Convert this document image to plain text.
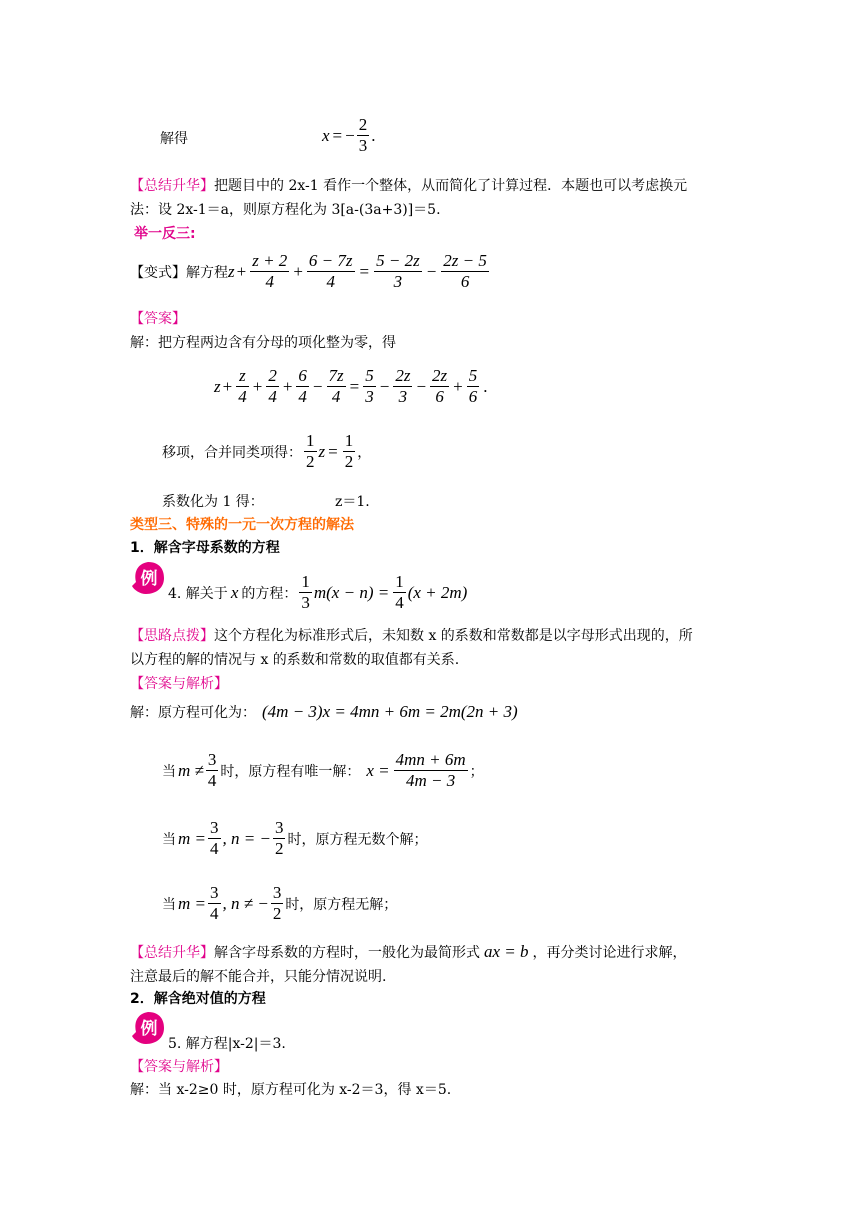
解得	x = − $\frac{2}{3}$ .
【总结升华】把题目中的 2x-1 看作一个整体，从而简化了计算过程．本题也可以考虑换元
法：设 2x-1＝a，则原方程化为 3[a-(3a+3)]＝5.
举一反三:
【变式】解方程 $z + \frac{z + 2}{4} + \frac{6 - 7z}{4} = \frac{5 - 2z}{3} - \frac{2z - 5}{6}$
【答案】
解：把方程两边含有分母的项化整为零，得
$z + \frac{z}{4} + \frac{2}{4} + \frac{6}{4} - \frac{7z}{4} = \frac{5}{3} - \frac{2z}{3} - \frac{2z}{6} + \frac{5}{6}$ .
移项，合并同类项得： $\frac{1}{2}$ $z = \frac{1}{2}$ ，
系数化为 1 得：	z＝1.
类型三、特殊的一元一次方程的解法
1．解含字母系数的方程
例
4. 解关于 x 的方程： $\frac{1}{3} m(x - n) = \frac{1}{4} (x + 2m)$
【思路点拨】这个方程化为标准形式后，未知数 x 的系数和常数都是以字母形式出现的，所
以方程的解的情况与 x 的系数和常数的取值都有关系.
【答案与解析】
解：原方程可化为： (4m − 3)x = 4mn + 6m = 2m(2n + 3)
当 $m \ne \frac{3}{4}$ 时，原方程有唯一解： $x = \frac{4mn + 6m}{4m - 3}$ ；
当 $m = \frac{3}{4}$ , n = − $\frac{3}{2}$ 时，原方程无数个解；
当 $m = \frac{3}{4}$ , n ≠ − $\frac{3}{2}$ 时，原方程无解；
【总结升华】 解含字母系数的方程时，一般化为最简形式 ax = b ，再分类讨论进行求解，
注意最后的解不能合并，只能分情况说明.
2．解含绝对值的方程
例
5. 解方程|x-2|＝3.
【答案与解析】
解：当 x-2≥0 时，原方程可化为 x-2＝3，得 x＝5.
